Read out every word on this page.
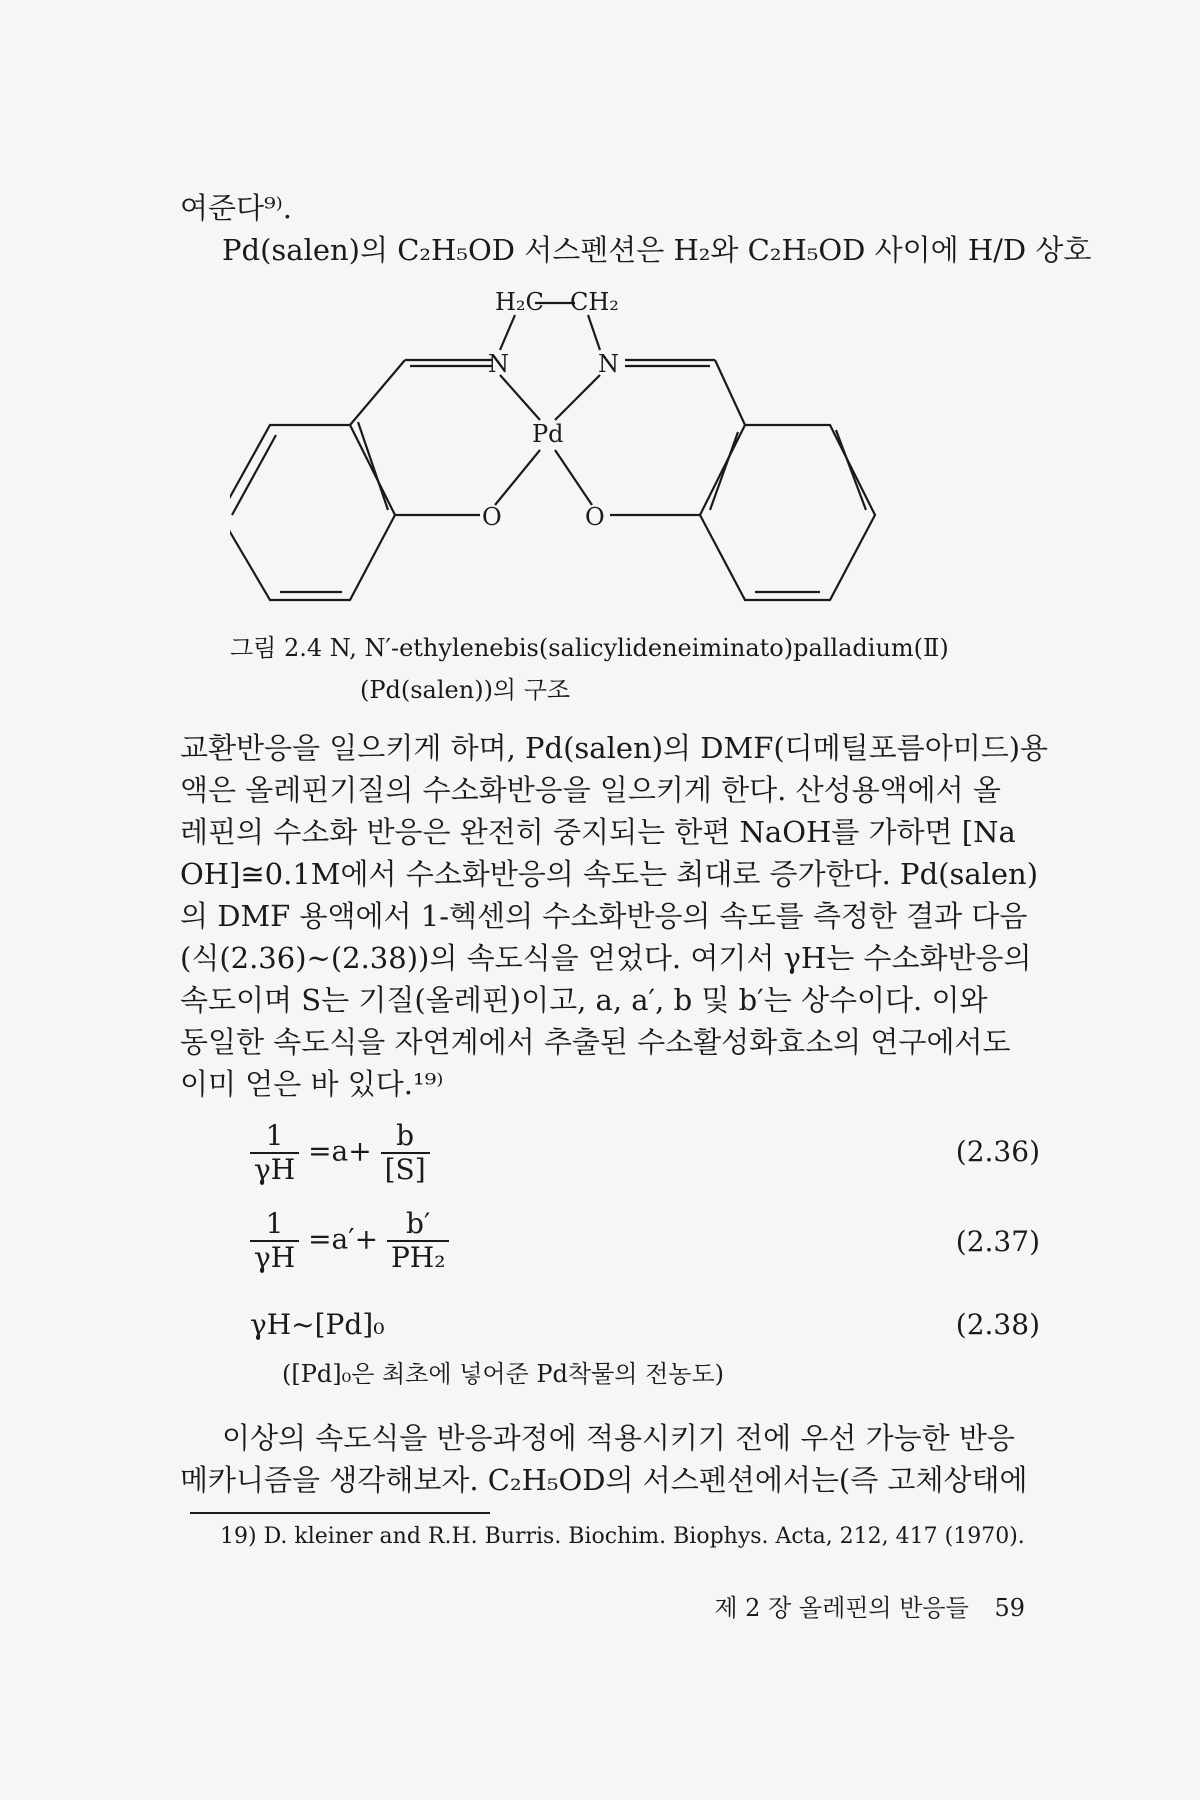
여준다⁹⁾.
Pd(salen)의 C₂H₅OD 서스펜션은 H₂와 C₂H₅OD 사이에 H/D 상호
H₂C CH₂
N	N
Pd
O	O
그림 2.4 N, N′-ethylenebis(salicylideneiminato)palladium(Ⅱ)
(Pd(salen))의 구조
교환반응을 일으키게 하며, Pd(salen)의 DMF(디메틸포름아미드)용
액은 올레핀기질의 수소화반응을 일으키게 한다. 산성용액에서 올
레핀의 수소화 반응은 완전히 중지되는 한편 NaOH를 가하면 [Na
OH]≅0.1M에서 수소화반응의 속도는 최대로 증가한다. Pd(salen)
의 DMF 용액에서 1-헥센의 수소화반응의 속도를 측정한 결과 다음
(식(2.36)~(2.38))의 속도식을 얻었다. 여기서 γH는 수소화반응의
속도이며 S는 기질(올레핀)이고, a, a′, b 및 b′는 상수이다. 이와
동일한 속도식을 자연계에서 추출된 수소활성화효소의 연구에서도
이미 얻은 바 있다.¹⁹⁾
$\frac{1}{\gamma H} =a+ \frac{b}{[S]}$	(2.36)
$\frac{1}{\gamma H} =a'+ \frac{b'}{\text{PH₂}}$	(2.37)
γH~[Pd]₀	(2.38)
([Pd]₀은 최초에 넣어준 Pd착물의 전농도)
이상의 속도식을 반응과정에 적용시키기 전에 우선 가능한 반응
메카니즘을 생각해보자. C₂H₅OD의 서스펜션에서는(즉 고체상태에
19) D. kleiner and R.H. Burris. Biochim. Biophys. Acta, 212, 417 (1970).
제 2 장 올레핀의 반응들 59
